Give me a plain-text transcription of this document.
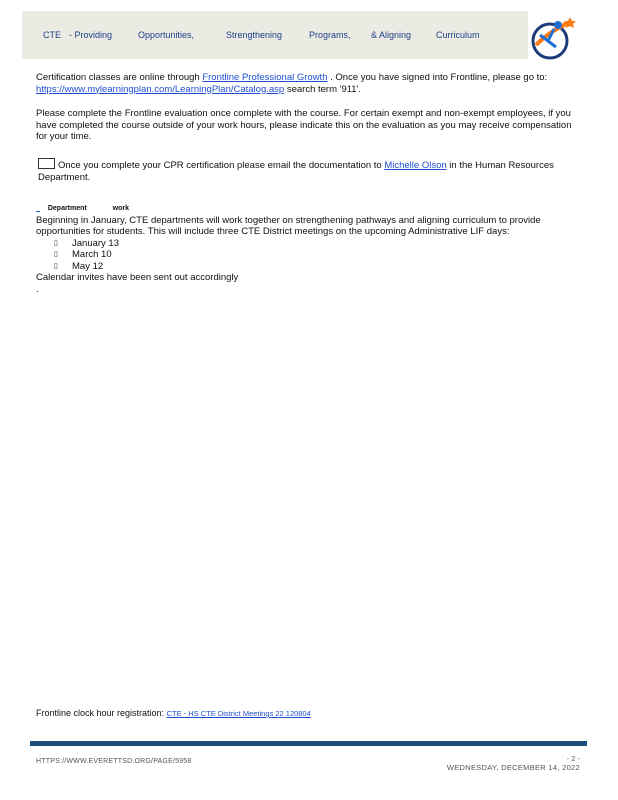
CTE - Providing	Opportunities,	Strengthening	Programs, & Aligning	Curriculum
Certification classes are online through Frontline Professional Growth . Once you have signed into Frontline, please go to: https://www.mylearningplan.com/LearningPlan/Catalog.asp search term '911'.
Please complete the Frontline evaluation once complete with the course. For certain exempt and non-exempt employees, if you have completed the course outside of your work hours, please indicate this on the evaluation as you may receive compensation for your time.
Once you complete your CPR certification please email the documentation to Michelle Olson in the Human Resources Department.
Department	work
Beginning in January, CTE departments will work together on strengthening pathways and aligning curriculum to provide opportunities for students. This will include three CTE District meetings on the upcoming Administrative LIF days:
▯ January 13
▯ March 10
▯ May 12
Calendar invites have been sent out accordingly
.
Frontline clock hour registration: CTE - HS CTE District Meetings 22 120804
HTTPS://WWW.EVERETTSD.ORG/PAGE/5958	- 2 -
WEDNESDAY, DECEMBER 14, 2022
